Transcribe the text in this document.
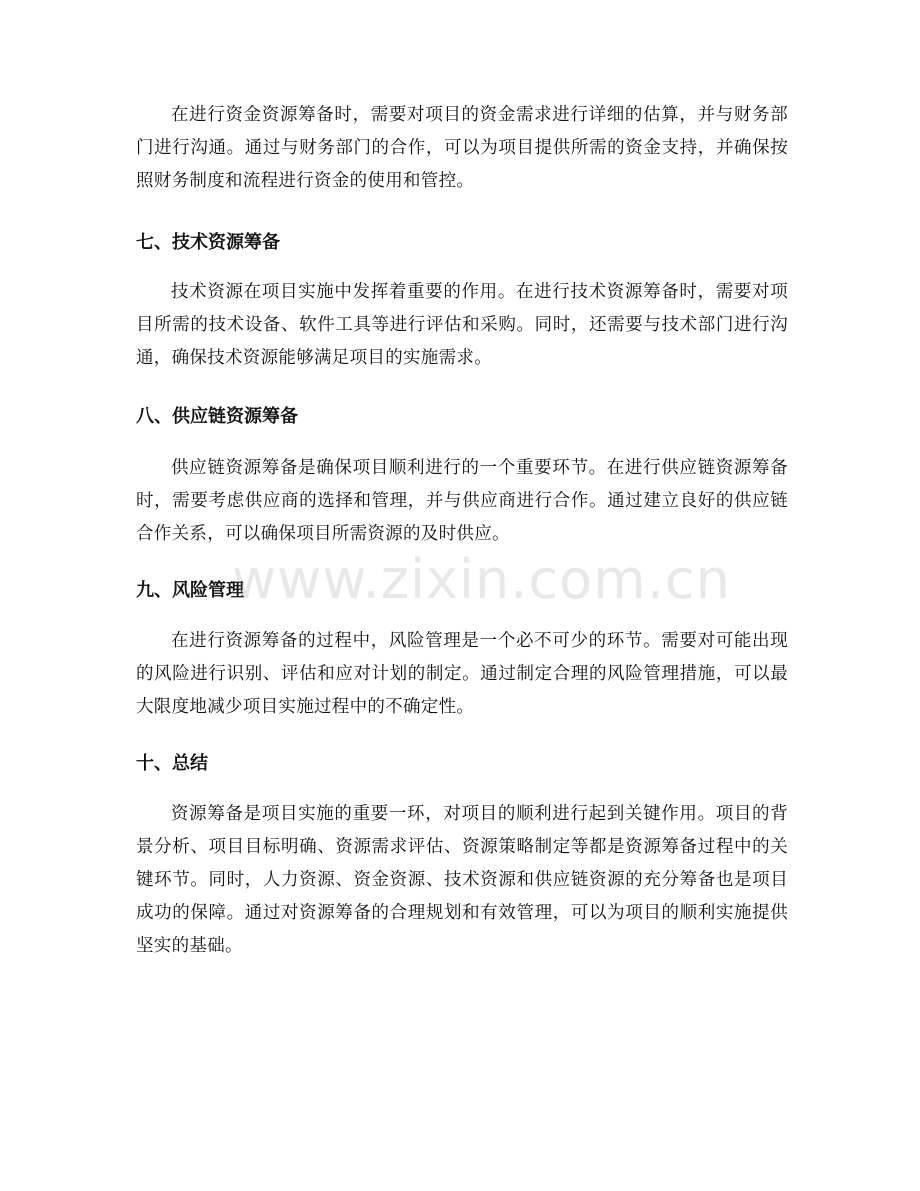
在进行资金资源筹备时，需要对项目的资金需求进行详细的估算，并与财务部门进行沟通。通过与财务部门的合作，可以为项目提供所需的资金支持，并确保按照财务制度和流程进行资金的使用和管控。

七、技术资源筹备

技术资源在项目实施中发挥着重要的作用。在进行技术资源筹备时，需要对项目所需的技术设备、软件工具等进行评估和采购。同时，还需要与技术部门进行沟通，确保技术资源能够满足项目的实施需求。

八、供应链资源筹备

供应链资源筹备是确保项目顺利进行的一个重要环节。在进行供应链资源筹备时，需要考虑供应商的选择和管理，并与供应商进行合作。通过建立良好的供应链合作关系，可以确保项目所需资源的及时供应。

九、风险管理

在进行资源筹备的过程中，风险管理是一个必不可少的环节。需要对可能出现的风险进行识别、评估和应对计划的制定。通过制定合理的风险管理措施，可以最大限度地减少项目实施过程中的不确定性。

十、总结

资源筹备是项目实施的重要一环，对项目的顺利进行起到关键作用。项目的背景分析、项目目标明确、资源需求评估、资源策略制定等都是资源筹备过程中的关键环节。同时，人力资源、资金资源、技术资源和供应链资源的充分筹备也是项目成功的保障。通过对资源筹备的合理规划和有效管理，可以为项目的顺利实施提供坚实的基础。

www.zixin.com.cn
